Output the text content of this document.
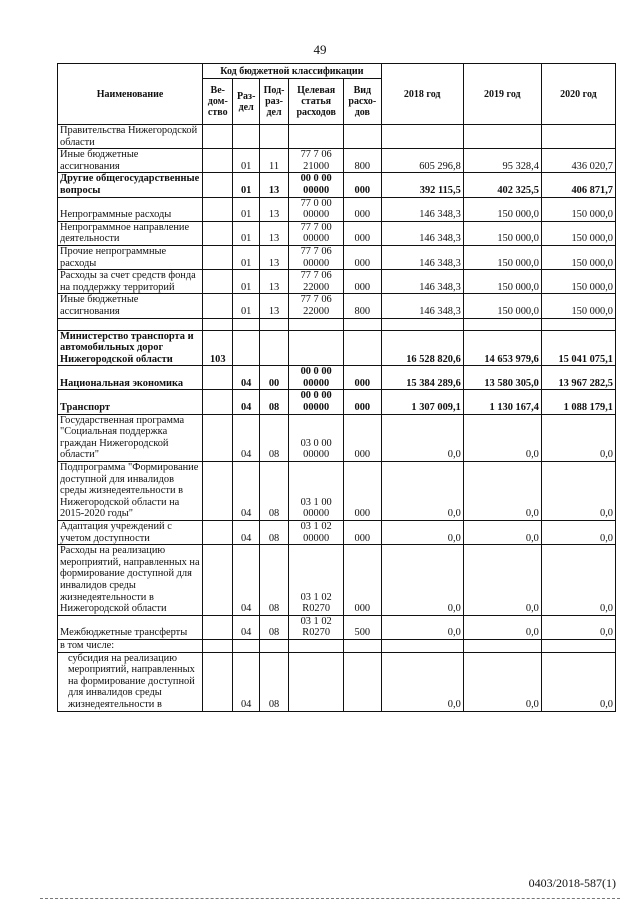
49
Наименование	Код бюджетной классификации					2018 год	2019 год	2020 год
	Ве-дом-ство	Раз-дел	Под-раз-дел	Целевая статья расходов	Вид расхо-дов			
Правительства Нижегородской области								
Иные бюджетные ассигнования		01	11	77 7 06 21000	800	605 296,8	95 328,4	436 020,7
Другие общегосударственные вопросы		01	13	00 0 00 00000	000	392 115,5	402 325,5	406 871,7
Непрограммные расходы		01	13	77 0 00 00000	000	146 348,3	150 000,0	150 000,0
Непрограммное направление деятельности		01	13	77 7 00 00000	000	146 348,3	150 000,0	150 000,0
Прочие непрограммные расходы		01	13	77 7 06 00000	000	146 348,3	150 000,0	150 000,0
Расходы за счет средств фонда на поддержку территорий		01	13	77 7 06 22000	000	146 348,3	150 000,0	150 000,0
Иные бюджетные ассигнования		01	13	77 7 06 22000	800	146 348,3	150 000,0	150 000,0

Министерство транспорта и автомобильных дорог Нижегородской области	103					16 528 820,6	14 653 979,6	15 041 075,1
Национальная экономика		04	00	00 0 00 00000	000	15 384 289,6	13 580 305,0	13 967 282,5
Транспорт		04	08	00 0 00 00000	000	1 307 009,1	1 130 167,4	1 088 179,1
Государственная программа "Социальная поддержка граждан Нижегородской области"		04	08	03 0 00 00000	000	0,0	0,0	0,0
Подпрограмма "Формирование доступной для инвалидов среды жизнедеятельности в Нижегородской области на 2015-2020 годы"		04	08	03 1 00 00000	000	0,0	0,0	0,0
Адаптация учреждений с учетом доступности		04	08	03 1 02 00000	000	0,0	0,0	0,0
Расходы на реализацию мероприятий, направленных на формирование доступной для инвалидов среды жизнедеятельности в Нижегородской области		04	08	03 1 02 R0270	000	0,0	0,0	0,0
Межбюджетные трансферты		04	08	03 1 02 R0270	500	0,0	0,0	0,0
в том числе:								
субсидия на реализацию мероприятий, направленных на формирование доступной для инвалидов среды жизнедеятельности в		04	08			0,0	0,0	0,0
0403/2018-587(1)
